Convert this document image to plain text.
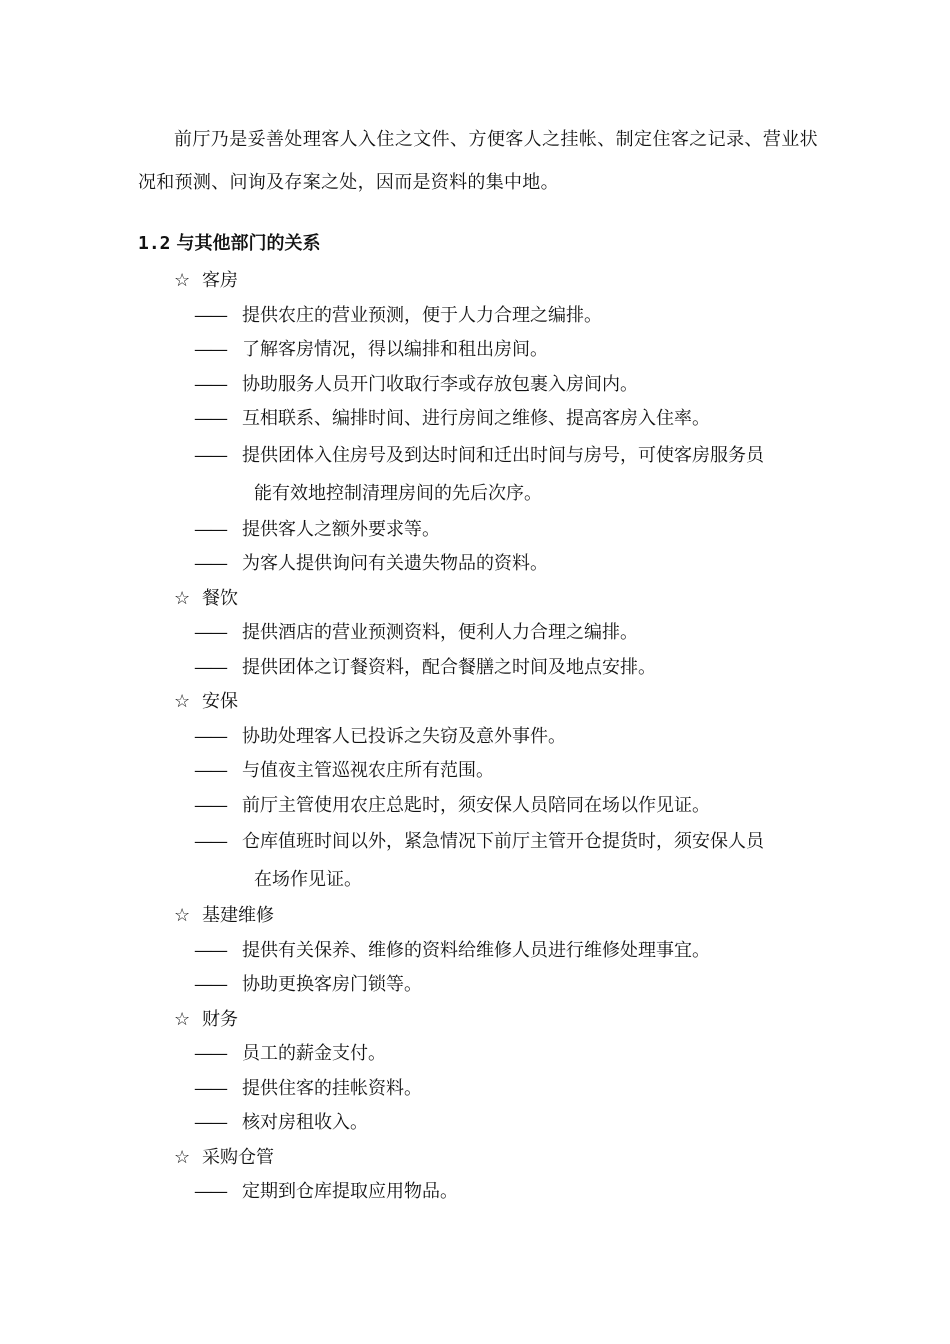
前厅乃是妥善处理客人入住之文件、方便客人之挂帐、制定住客之记录、营业状况和预测、问询及存案之处，因而是资料的集中地。
1.2 与其他部门的关系
☆ 客房
—— 提供农庄的营业预测，便于人力合理之编排。
—— 了解客房情况，得以编排和租出房间。
—— 协助服务人员开门收取行李或存放包裹入房间内。
—— 互相联系、编排时间、进行房间之维修、提高客房入住率。
—— 提供团体入住房号及到达时间和迁出时间与房号，可使客房服务员
能有效地控制清理房间的先后次序。
—— 提供客人之额外要求等。
—— 为客人提供询问有关遗失物品的资料。
☆ 餐饮
—— 提供酒店的营业预测资料，便利人力合理之编排。
—— 提供团体之订餐资料，配合餐膳之时间及地点安排。
☆ 安保
—— 协助处理客人已投诉之失窃及意外事件。
—— 与值夜主管巡视农庄所有范围。
—— 前厅主管使用农庄总匙时，须安保人员陪同在场以作见证。
—— 仓库值班时间以外，紧急情况下前厅主管开仓提货时，须安保人员
在场作见证。
☆ 基建维修
—— 提供有关保养、维修的资料给维修人员进行维修处理事宜。
—— 协助更换客房门锁等。
☆ 财务
—— 员工的薪金支付。
—— 提供住客的挂帐资料。
—— 核对房租收入。
☆ 采购仓管
—— 定期到仓库提取应用物品。
